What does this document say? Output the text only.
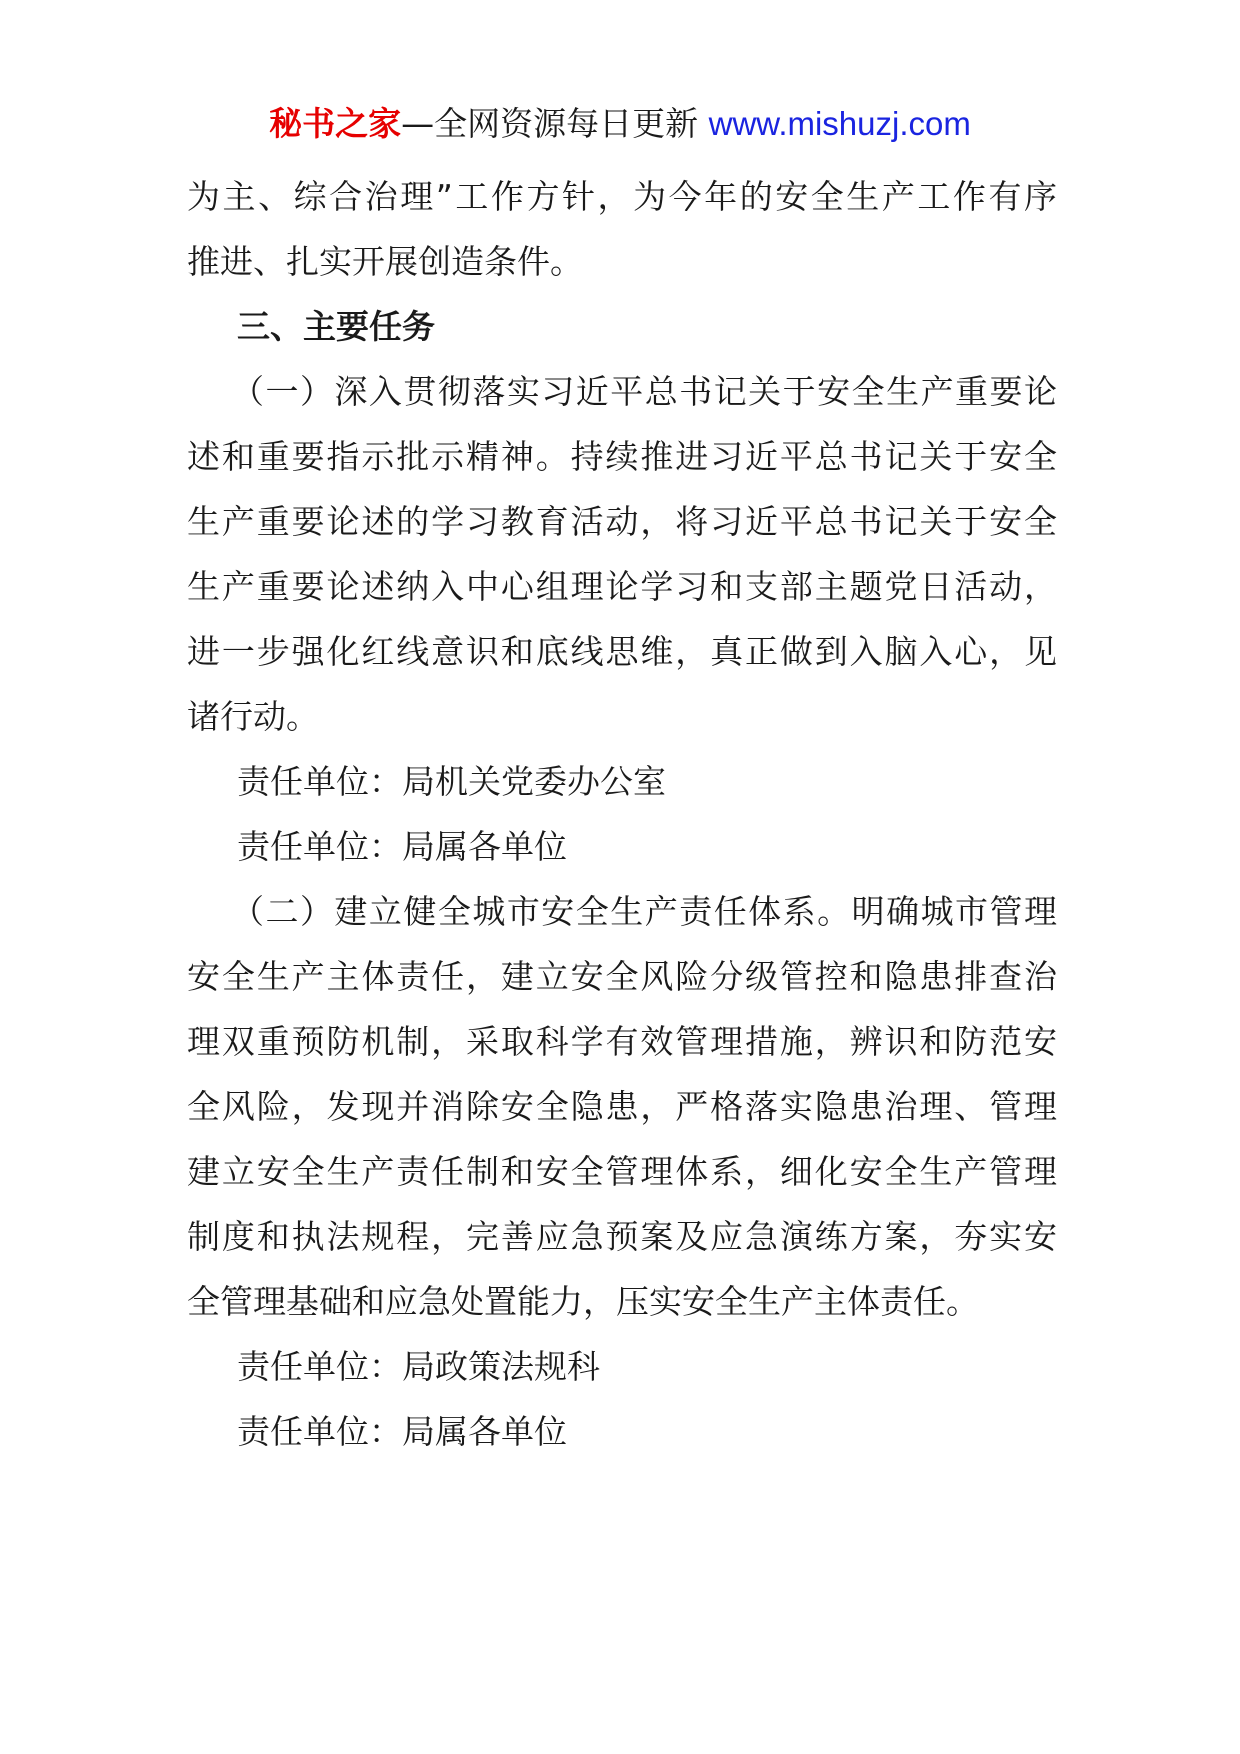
秘书之家—全网资源每日更新 www.mishuzj.com
为主、综合治理”工作方针，为今年的安全生产工作有序
推进、扎实开展创造条件。
三、主要任务
（一）深入贯彻落实习近平总书记关于安全生产重要论
述和重要指示批示精神。持续推进习近平总书记关于安全
生产重要论述的学习教育活动，将习近平总书记关于安全
生产重要论述纳入中心组理论学习和支部主题党日活动，
进一步强化红线意识和底线思维，真正做到入脑入心，见
诸行动。
责任单位：局机关党委办公室
责任单位：局属各单位
（二）建立健全城市安全生产责任体系。明确城市管理
安全生产主体责任，建立安全风险分级管控和隐患排查治
理双重预防机制，采取科学有效管理措施，辨识和防范安
全风险，发现并消除安全隐患，严格落实隐患治理、管理
建立安全生产责任制和安全管理体系，细化安全生产管理
制度和执法规程，完善应急预案及应急演练方案，夯实安
全管理基础和应急处置能力，压实安全生产主体责任。
责任单位：局政策法规科
责任单位：局属各单位
